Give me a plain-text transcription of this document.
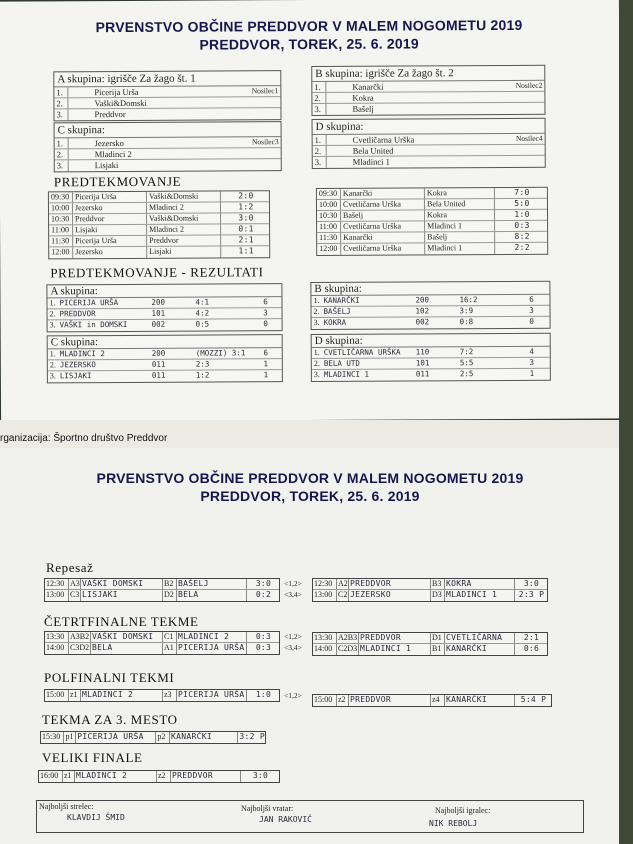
PRVENSTVO OBČINE PREDDVOR V MALEM NOGOMETU 2019
PREDDVOR, TOREK, 25. 6. 2019
A skupina: igrišče Za žago št. 1
1.	Picerija Urša	Nosilec1
2.	Vaški&Domski
3.	Preddvor
C skupina:
1.	Jezersko	Nosilec3
2.	Mladinci 2
3.	Lisjaki
B skupina: igrišče Za žago št. 2
1.	Kanarčki	Nosilec2
2.	Kokra
3.	Bašelj
D skupina:
1.	Cvetličarna Urška	Nosilec4
2.	Bela United
3.	Mladinci 1
PREDTEKMOVANJE
09:30 Picerija Urša	Vaški&Domski	2:0
10:00 Jezersko	Mladinci 2	1:2
10:30 Preddvor	Vaški&Domski	3:0
11:00 Lisjaki	Mladinci 2	0:1
11:30 Picerija Urša	Preddvor	2:1
12:00 Jezersko	Lisjaki	1:1
09:30 Kanarčki	Kokra	7:0
10:00 Cvetličarna Urška	Bela United	5:0
10:30 Bašelj	Kokra	1:0
11:00 Cvetličarna Urška	Mladinci 1	0:3
11:30 Kanarčki	Bašelj	8:2
12:00 Cvetličarna Urška	Mladinci 1	2:2
PREDTEKMOVANJE - REZULTATI
A skupina:
1. PICERIJA URŠA	200	4:1	6
2. PREDDVOR	101	4:2	3
3. VAŠKI in DOMSKI	002	0:5	0
C skupina:
1. MLADINCI 2	200	(MOZZI) 3:1	6
2. JEZERSKO	011	2:3	1
3. LISJAKI	011	1:2	1
B skupina:
1. KANARČKI	200	16:2	6
2. BAŠELJ	102	3:9	3
3. KOKRA	002	0:8	0
D skupina:
1. CVETLIČARNA URŠKA	110	7:2	4
2. BELA UTD	101	5:5	3
3. MLADINCI 1	011	2:5	1
rganizacija: Športno društvo Preddvor
PRVENSTVO OBČINE PREDDVOR V MALEM NOGOMETU 2019
PREDDVOR, TOREK, 25. 6. 2019
Repesaž
12:30 A3 VAŠKI DOMSKI	B2 BAŠELJ	3:0
13:00 C3 LISJAKI	D2 BELA	0:2
12:30 A2 PREDDVOR	B3 KOKRA	3:0
13:00 C2 JEZERSKO	D3 MLADINCI 1	2:3 P
ČETRTFINALNE TEKME
13:30 A3B2 VAŠKI DOMSKI	C1 MLADINCI 2	0:3
14:00 C3D2 BELA	A1 PICERIJA URŠA	0:3
13:30 A2B3 PREDDVOR	D1 CVETLIČARNA	2:1
14:00 C2D3 MLADINCI 1	B1 KANARČKI	0:6
POLFINALNI TEKMI
15:00 z1 MLADINCI 2	z3 PICERIJA URŠA	1:0
15:00 z2 PREDDVOR	z4 KANARČKI	5:4 P
TEKMA ZA 3. MESTO
15:30 p1 PICERIJA URŠA	p2 KANARČKI	3:2 P
VELIKI FINALE
16:00 z1 MLADINCI 2	z2 PREDDVOR	3:0
<1,2>
<3,4>
<1,2>
<3,4>
<1,2>
Najboljši strelec:
KLAVDIJ ŠMID
Najboljši vratar:
JAN RAKOVIČ
Najboljši igralec:
NIK REBOLJ
